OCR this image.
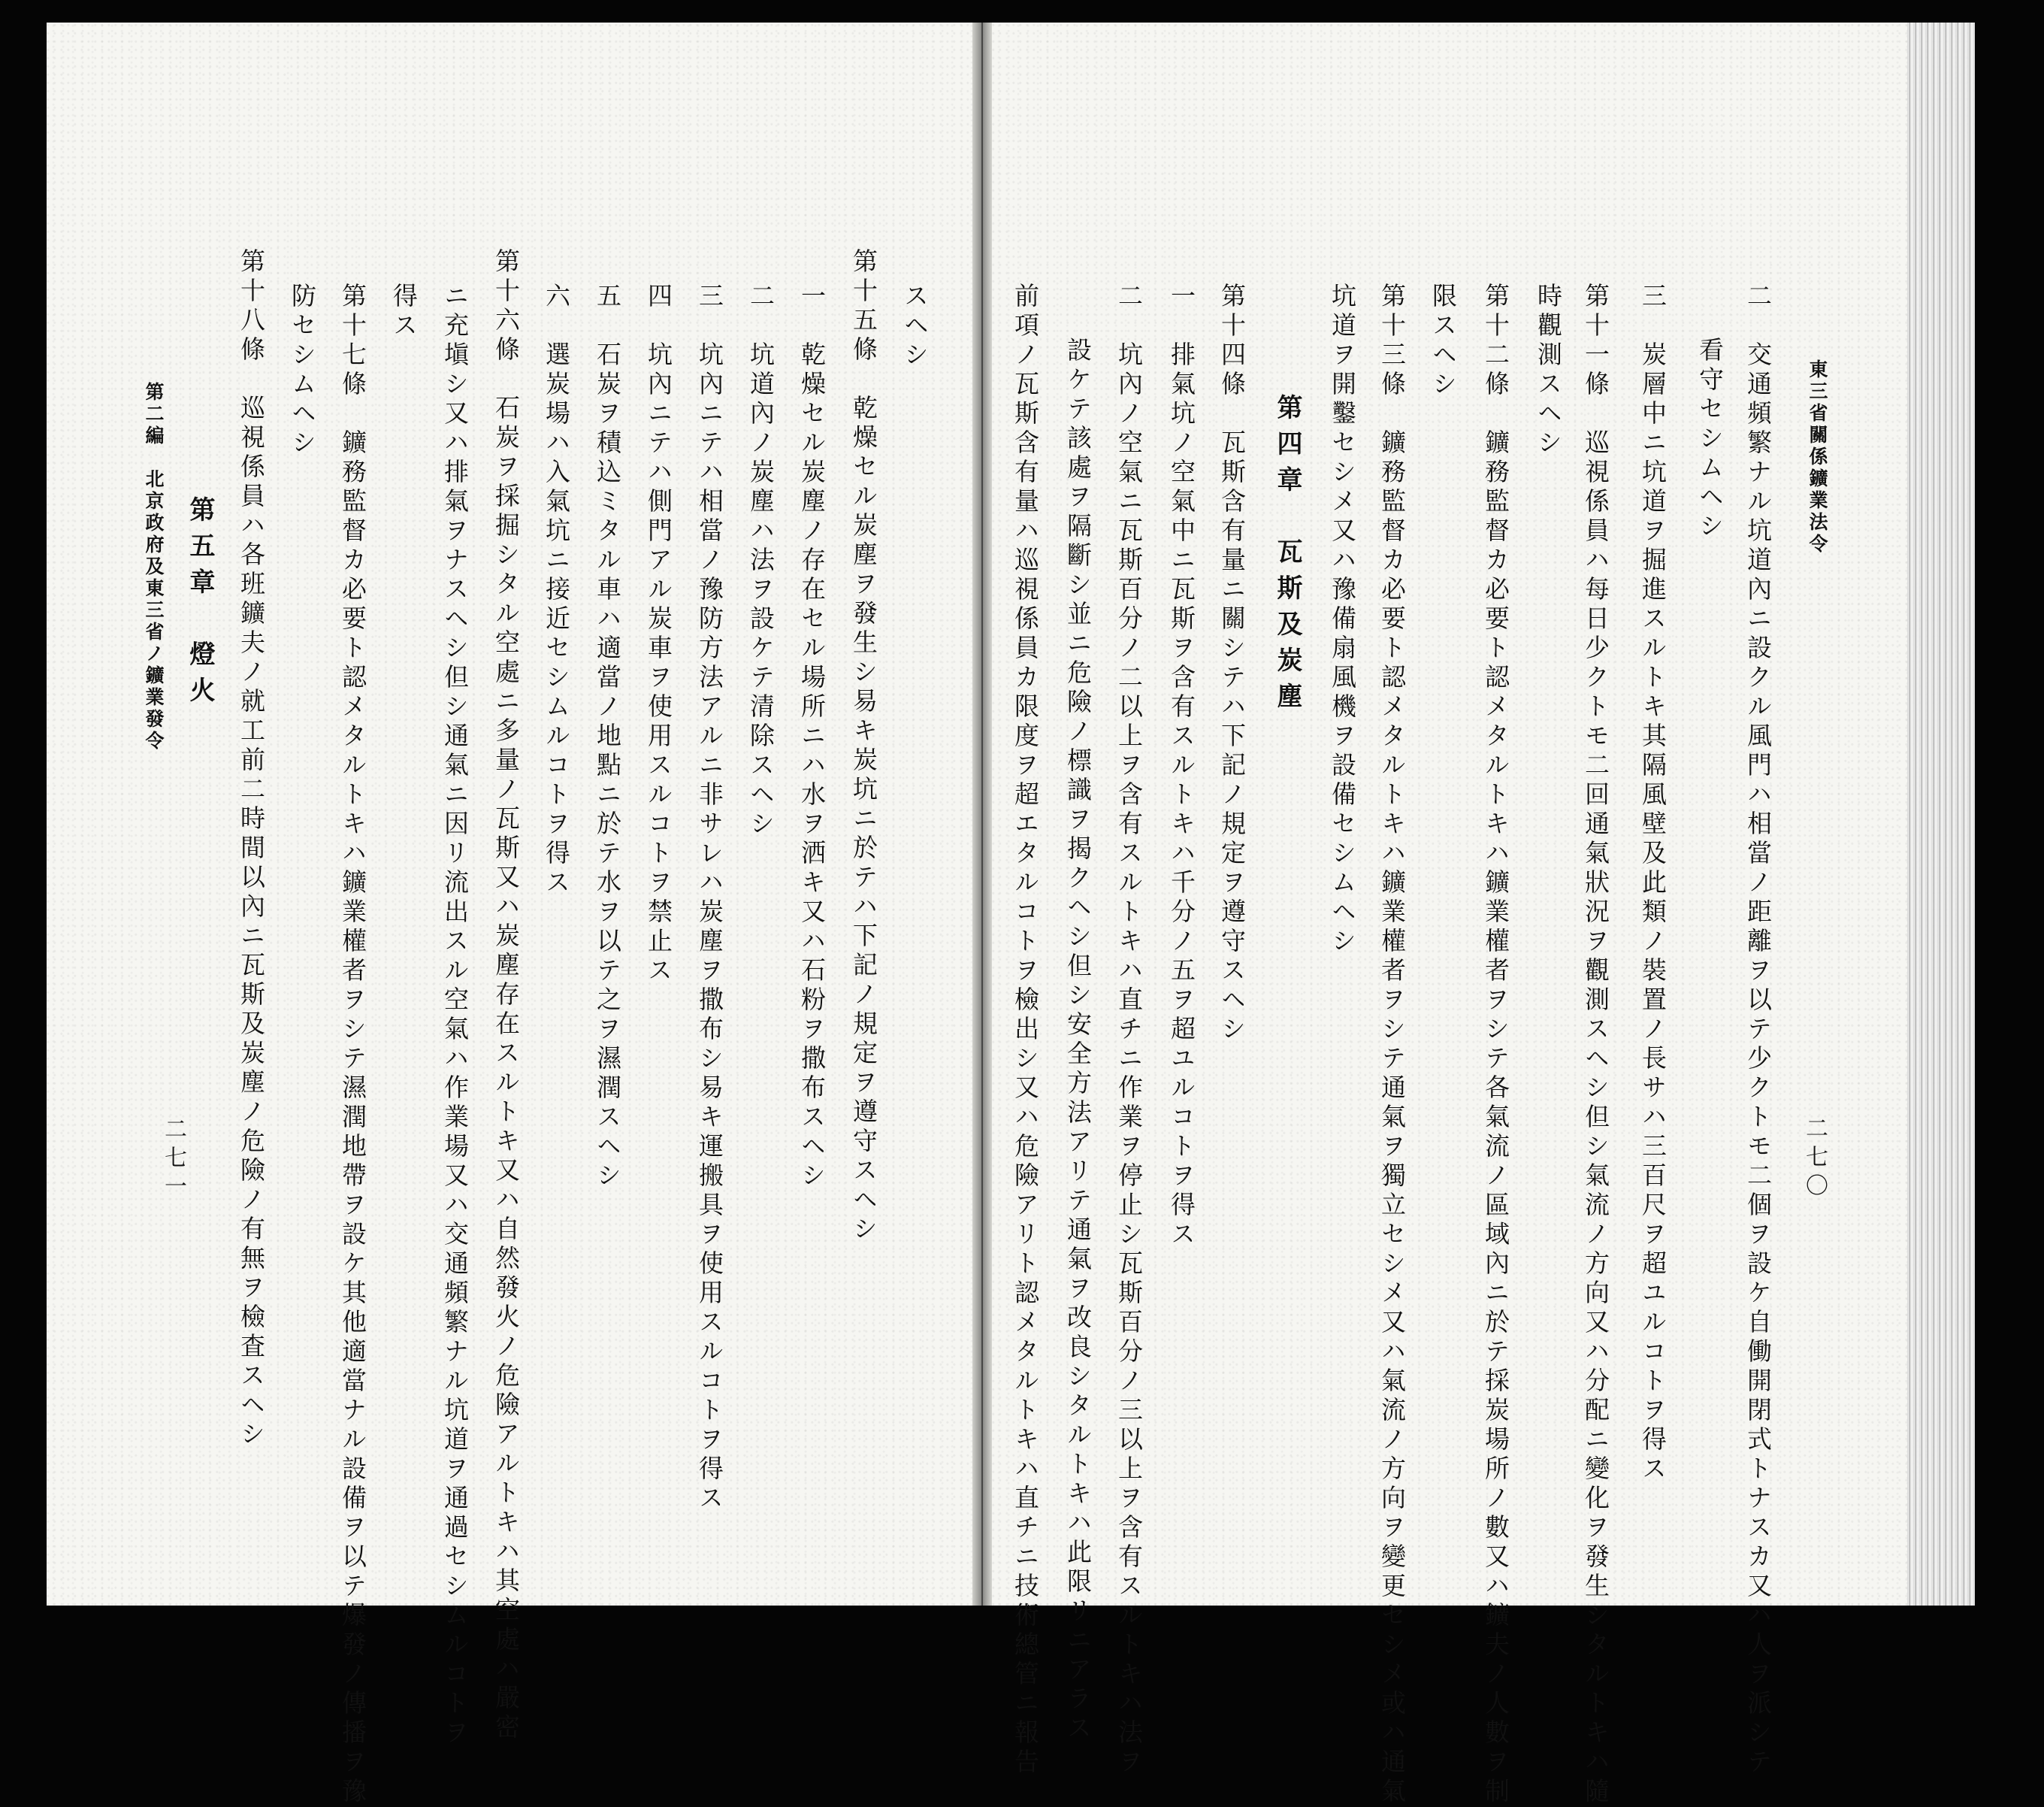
東三省關係鑛業法令
二七〇
二　交通頻繁ナル坑道內ニ設クル風門ハ相當ノ距離ヲ以テ少クトモ二個ヲ設ケ自働開閉式トナスカ又ハ人ヲ派シテ
看守セシムヘシ
三　炭層中ニ坑道ヲ掘進スルトキ其隔風壁及此類ノ裝置ノ長サハ三百尺ヲ超ユルコトヲ得ス
第十一條　巡視係員ハ每日少クトモ二回通氣狀況ヲ觀測スヘシ但シ氣流ノ方向又ハ分配ニ變化ヲ發生シタルトキハ隨
時觀測スヘシ
第十二條　鑛務監督カ必要ト認メタルトキハ鑛業權者ヲシテ各氣流ノ區域內ニ於テ採炭場所ノ數又ハ鑛夫ノ人數ヲ制
限スヘシ
第十三條　鑛務監督カ必要ト認メタルトキハ鑛業權者ヲシテ通氣ヲ獨立セシメ又ハ氣流ノ方向ヲ變更セシメ或ハ通氣
坑道ヲ開鑿セシメ又ハ豫備扇風機ヲ設備セシムヘシ
第四章　瓦斯及炭塵
第十四條　瓦斯含有量ニ關シテハ下記ノ規定ヲ遵守スヘシ
一　排氣坑ノ空氣中ニ瓦斯ヲ含有スルトキハ千分ノ五ヲ超ユルコトヲ得ス
二　坑內ノ空氣ニ瓦斯百分ノ二以上ヲ含有スルトキハ直チニ作業ヲ停止シ瓦斯百分ノ三以上ヲ含有スルトキハ法ヲ
設ケテ該處ヲ隔斷シ並ニ危險ノ標識ヲ揭クヘシ但シ安全方法アリテ通氣ヲ改良シタルトキハ此限リニアラス
前項ノ瓦斯含有量ハ巡視係員カ限度ヲ超エタルコトヲ檢出シ又ハ危險アリト認メタルトキハ直チニ技術總管ニ報告
スヘシ
第十五條　乾燥セル炭塵ヲ發生シ易キ炭坑ニ於テハ下記ノ規定ヲ遵守スヘシ
一　乾燥セル炭塵ノ存在セル場所ニハ水ヲ洒キ又ハ石粉ヲ撒布スヘシ
二　坑道內ノ炭塵ハ法ヲ設ケテ清除スヘシ
三　坑內ニテハ相當ノ豫防方法アルニ非サレハ炭塵ヲ撒布シ易キ運搬具ヲ使用スルコトヲ得ス
四　坑內ニテハ側門アル炭車ヲ使用スルコトヲ禁止ス
五　石炭ヲ積込ミタル車ハ適當ノ地點ニ於テ水ヲ以テ之ヲ濕潤スヘシ
六　選炭場ハ入氣坑ニ接近セシムルコトヲ得ス
第十六條　石炭ヲ採掘シタル空處ニ多量ノ瓦斯又ハ炭塵存在スルトキ又ハ自然發火ノ危險アルトキハ其空處ハ嚴密
ニ充塡シ又ハ排氣ヲナスヘシ但シ通氣ニ因リ流出スル空氣ハ作業場又ハ交通頻繁ナル坑道ヲ通過セシムルコトヲ
得ス
第十七條　鑛務監督カ必要ト認メタルトキハ鑛業權者ヲシテ濕潤地帶ヲ設ケ其他適當ナル設備ヲ以テ爆發ノ傳播ヲ豫
防セシムヘシ
第十八條　巡視係員ハ各班鑛夫ノ就工前二時間以內ニ瓦斯及炭塵ノ危險ノ有無ヲ檢査スヘシ
第五章　燈火
第二編　北京政府及東三省ノ鑛業發令
二七一
